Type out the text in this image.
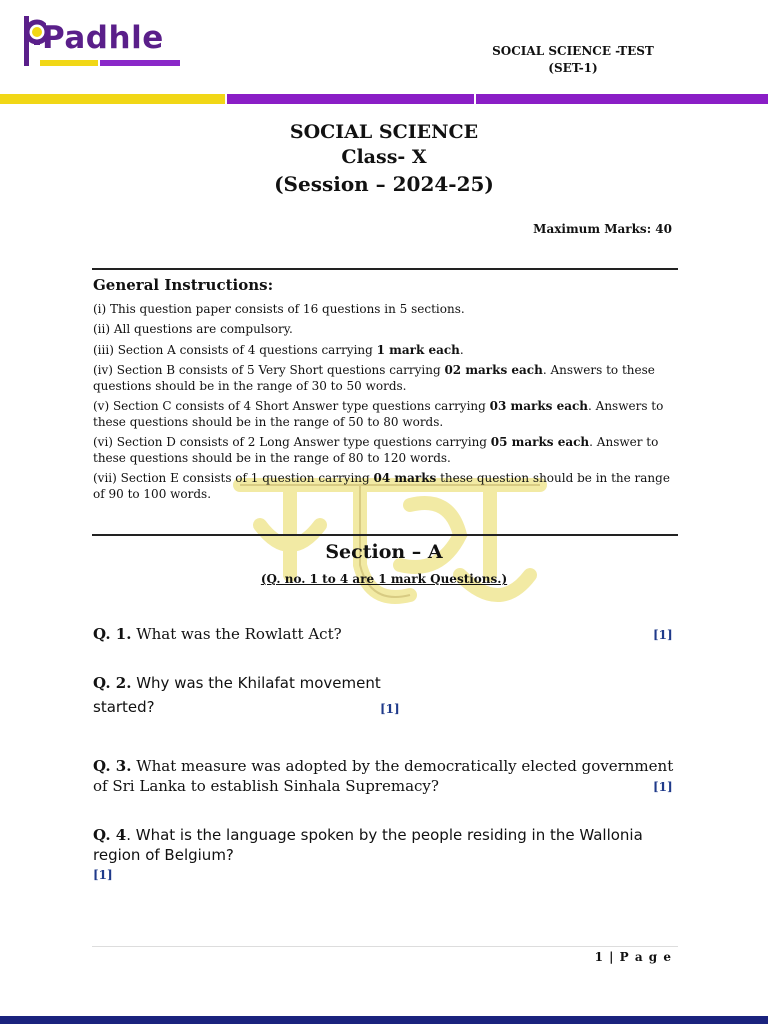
Padhle	SOCIAL SCIENCE -TEST
(SET-1)
SOCIAL SCIENCE
Class- X
(Session – 2024-25)
Maximum Marks: 40
General Instructions:
(i) This question paper consists of 16 questions in 5 sections.
(ii) All questions are compulsory.
(iii) Section A consists of 4 questions carrying 1 mark each.
(iv) Section B consists of 5 Very Short questions carrying 02 marks each. Answers to these questions should be in the range of 30 to 50 words.
(v) Section C consists of 4 Short Answer type questions carrying 03 marks each. Answers to these questions should be in the range of 50 to 80 words.
(vi) Section D consists of 2 Long Answer type questions carrying 05 marks each. Answer to these questions should be in the range of 80 to 120 words.
(vii) Section E consists of 1 question carrying 04 marks these question should be in the range of 90 to 100 words.
Section – A
(Q. no. 1 to 4 are 1 mark Questions.)
Q. 1. What was the Rowlatt Act?	[1]
Q. 2. Why was the Khilafat movement
started?	[1]
Q. 3. What measure was adopted by the democratically elected government of Sri Lanka to establish Sinhala Supremacy?	[1]
Q. 4. What is the language spoken by the people residing in the Wallonia region of Belgium?
[1]
1 | P a g e
